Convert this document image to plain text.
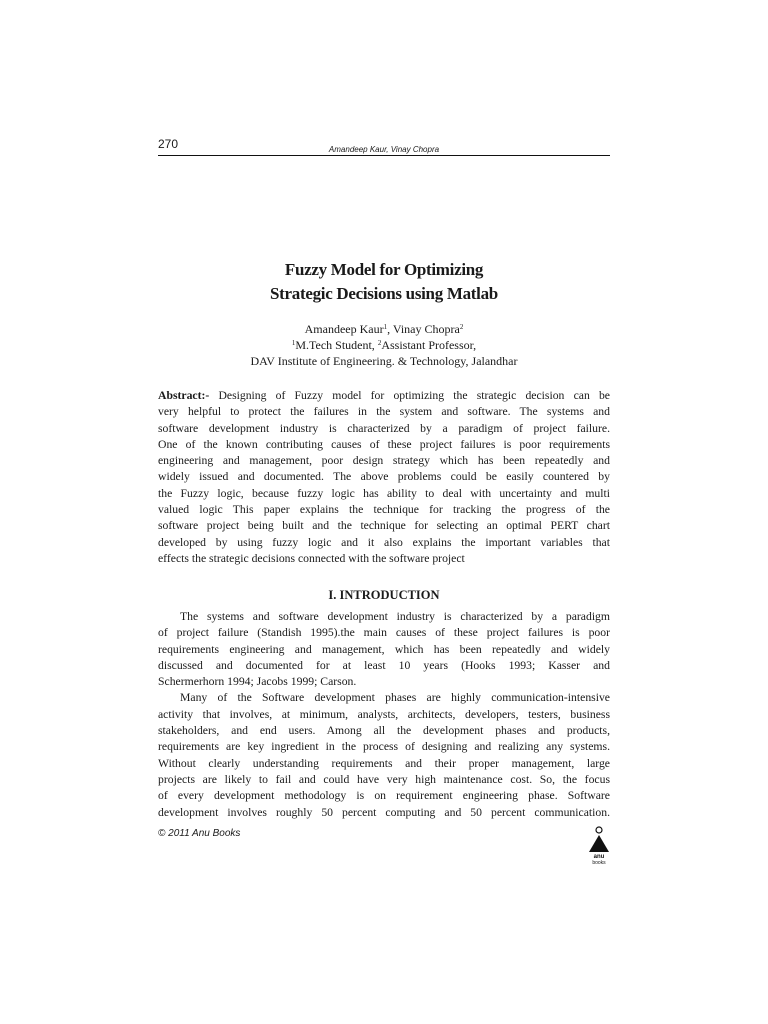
270	Amandeep Kaur, Vinay Chopra
Fuzzy Model for Optimizing
Strategic Decisions using Matlab
Amandeep Kaur$^1$, Vinay Chopra$^2$
$^1$M.Tech Student, $^2$Assistant Professor,
DAV Institute of Engineering. & Technology, Jalandhar
Abstract:- Designing of Fuzzy model for optimizing the strategic decision can be
very helpful to protect the failures in the system and software. The systems and
software development industry is characterized by a paradigm of project failure.
One of the known contributing causes of these project failures is poor requirements
engineering and management, poor design strategy which has been repeatedly and
widely issued and documented. The above problems could be easily countered by
the Fuzzy logic, because fuzzy logic has ability to deal with uncertainty and multi
valued logic This paper explains the technique for tracking the progress of the
software project being built and the technique for selecting an optimal PERT chart
developed by using fuzzy logic and it also explains the important variables that
effects the strategic decisions connected with the software project
I. INTRODUCTION
The systems and software development industry is characterized by a paradigm
of project failure (Standish 1995).the main causes of these project failures is poor
requirements engineering and management, which has been repeatedly and widely
discussed and documented for at least 10 years (Hooks 1993; Kasser and
Schermerhorn 1994; Jacobs 1999; Carson.
Many of the Software development phases are highly communication-intensive
activity that involves, at minimum, analysts, architects, developers, testers, business
stakeholders, and end users. Among all the development phases and products,
requirements are key ingredient in the process of designing and realizing any systems.
Without clearly understanding requirements and their proper management, large
projects are likely to fail and could have very high maintenance cost. So, the focus
of every development methodology is on requirement engineering phase. Software
development involves roughly 50 percent computing and 50 percent communication.
© 2011 Anu Books
anu
books
